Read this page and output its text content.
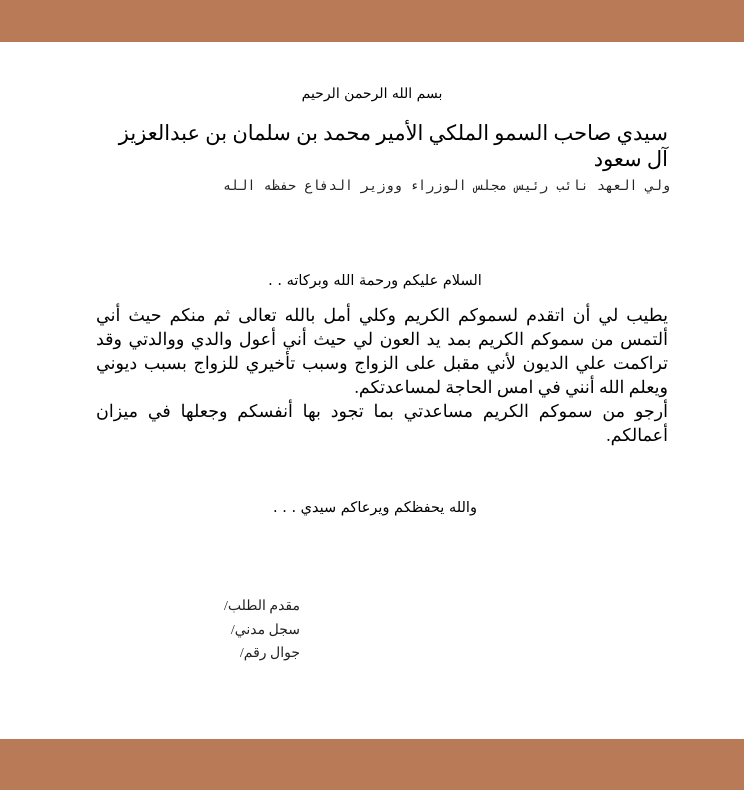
بسم الله الرحمن الرحيم
سيدي صاحب السمو الملكي الأمير محمد بن سلمان بن عبدالعزيز آل سعود
ولي العهد نائب رئيس مجلس الوزراء ووزير الدفاع حفظه الله
السلام عليكم ورحمة الله وبركاته . .

يطيب لي أن اتقدم لسموكم الكريم وكلي أمل بالله تعالى ثم منكم حيث أني ألتمس من سموكم الكريم بمد يد العون لي حيث أني أعول والدي ووالدتي وقد تراكمت علي الديون لأني مقبل على الزواج وسبب تأخيري للزواج بسبب ديوني ويعلم الله أنني في امس الحاجة لمساعدتكم.

أرجو من سموكم الكريم مساعدتي بما تجود بها أنفسكم وجعلها في ميزان أعمالكم.

والله يحفظكم ويرعاكم سيدي . . .
مقدم الطلب/
سجل مدني/
جوال رقم/
